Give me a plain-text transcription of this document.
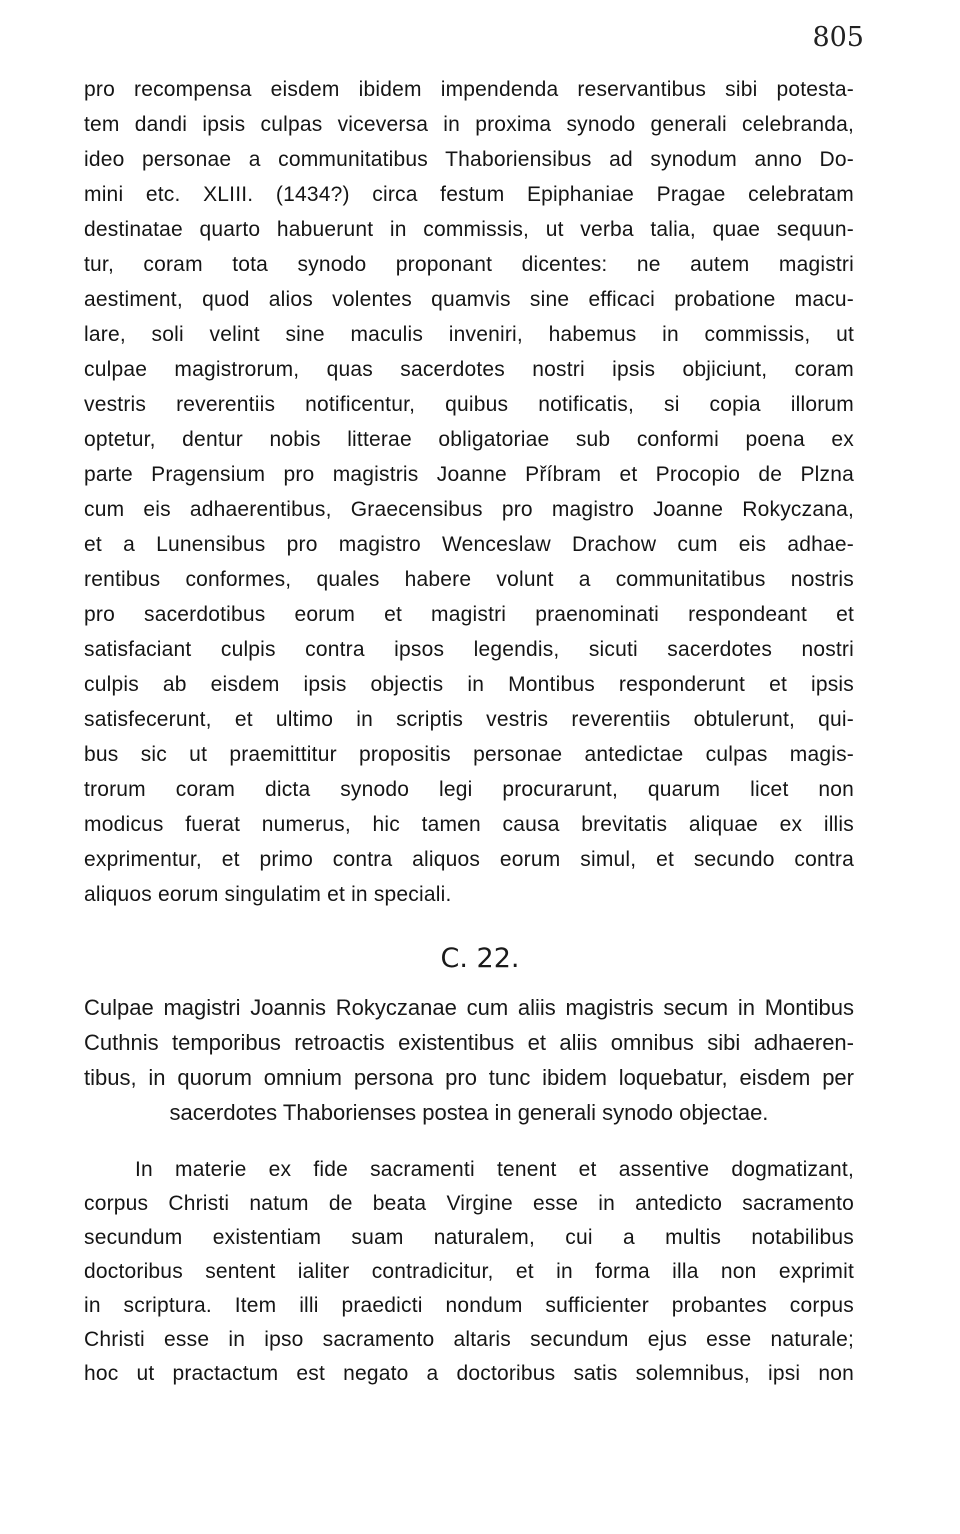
805
pro recompensa eisdem ibidem impendenda reservantibus sibi potesta-
tem dandi ipsis culpas viceversa in proxima synodo generali celebranda,
ideo personae a communitatibus Thaboriensibus ad synodum anno Do-
mini etc. XLIII. (1434?) circa festum Epiphaniae Pragae celebratam
destinatae quarto habuerunt in commissis, ut verba talia, quae sequun-
tur, coram tota synodo proponant dicentes: ne autem magistri
aestiment, quod alios volentes quamvis sine efficaci probatione macu-
lare, soli velint sine maculis inveniri, habemus in commissis, ut
culpae magistrorum, quas sacerdotes nostri ipsis objiciunt, coram
vestris reverentiis notificentur, quibus notificatis, si copia illorum
optetur, dentur nobis litterae obligatoriae sub conformi poena ex
parte Pragensium pro magistris Joanne Příbram et Procopio de Plzna
cum eis adhaerentibus, Graecensibus pro magistro Joanne Rokyczana,
et a Lunensibus pro magistro Wenceslaw Drachow cum eis adhae-
rentibus conformes, quales habere volunt a communitatibus nostris
pro sacerdotibus eorum et magistri praenominati respondeant et
satisfaciant culpis contra ipsos legendis, sicuti sacerdotes nostri
culpis ab eisdem ipsis objectis in Montibus responderunt et ipsis
satisfecerunt, et ultimo in scriptis vestris reverentiis obtulerunt, qui-
bus sic ut praemittitur propositis personae antedictae culpas magis-
trorum coram dicta synodo legi procurarunt, quarum licet non
modicus fuerat numerus, hic tamen causa brevitatis aliquae ex illis
exprimentur, et primo contra aliquos eorum simul, et secundo contra
aliquos eorum singulatim et in speciali.
C. 22.
Culpae magistri Joannis Rokyczanae cum aliis magistris secum in Montibus
Cuthnis temporibus retroactis existentibus et aliis omnibus sibi adhaeren-
tibus, in quorum omnium persona pro tunc ibidem loquebatur, eisdem per
sacerdotes Thaborienses postea in generali synodo objectae.
In materie ex fide sacramenti tenent et assentive dogmatizant,
corpus Christi natum de beata Virgine esse in antedicto sacramento
secundum existentiam suam naturalem, cui a multis notabilibus
doctoribus sentent ialiter contradicitur, et in forma illa non exprimit
in scriptura. Item illi praedicti nondum sufficienter probantes corpus
Christi esse in ipso sacramento altaris secundum ejus esse naturale;
hoc ut practactum est negato a doctoribus satis solemnibus, ipsi non
